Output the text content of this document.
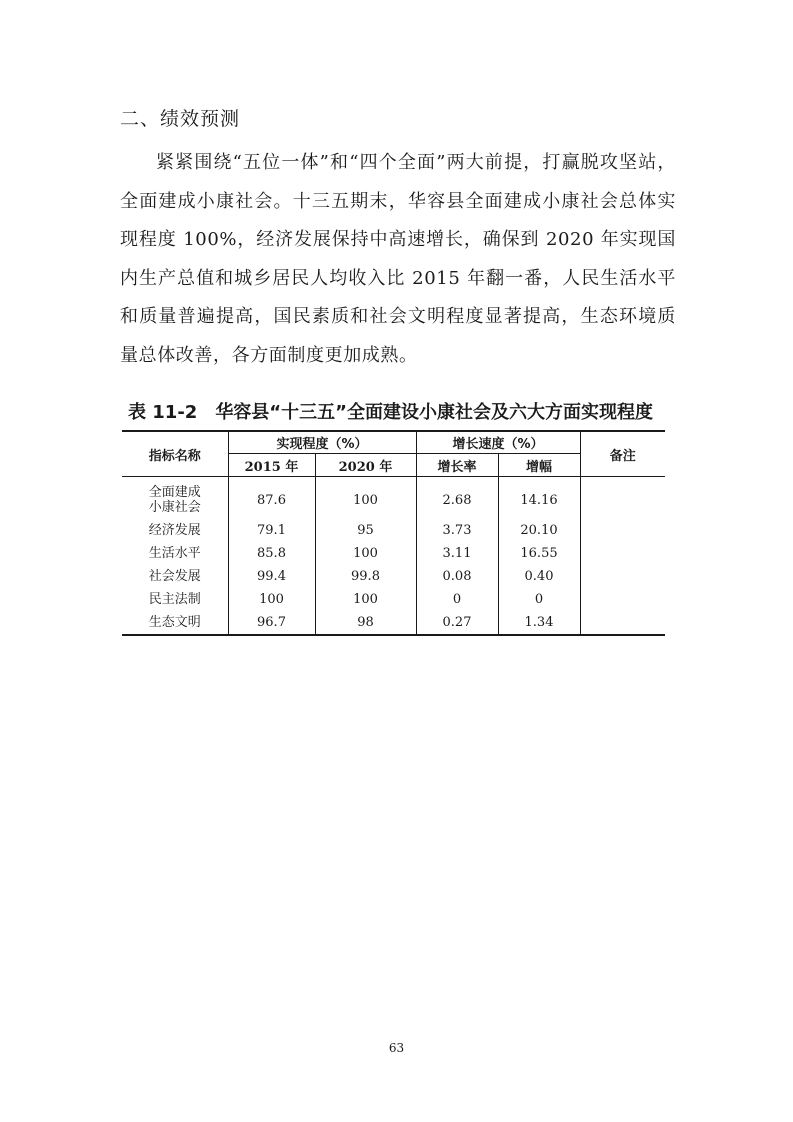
二、绩效预测

紧紧围绕“五位一体”和“四个全面”两大前提，打赢脱攻坚站，全面建成小康社会。十三五期末，华容县全面建成小康社会总体实现程度 100%，经济发展保持中高速增长，确保到 2020 年实现国内生产总值和城乡居民人均收入比 2015 年翻一番，人民生活水平和质量普遍提高，国民素质和社会文明程度显著提高，生态环境质量总体改善，各方面制度更加成熟。

表 11-2 华容县“十三五”全面建设小康社会及六大方面实现程度
指标名称	实现程度（%）		增长速度（%）		备注
	2015 年	2020 年	增长率	增幅	
全面建成
小康社会	87.6	100	2.68	14.16	
经济发展	79.1	95	3.73	20.10	
生活水平	85.8	100	3.11	16.55	
社会发展	99.4	99.8	0.08	0.40	
民主法制	100	100	0	0	
生态文明	96.7	98	0.27	1.34	
63
